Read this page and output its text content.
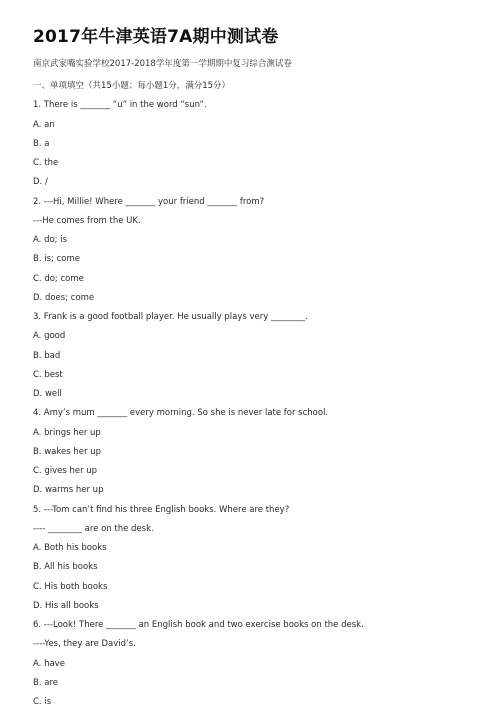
2017年牛津英语7A期中测试卷
南京武家嘴实验学校2017-2018学年度第一学期期中复习综合测试卷
一、单项填空（共15小题；每小题1分，满分15分）
1. There is _______ “u” in the word “sun”.
A. an
B. a
C. the
D. /
2. ---Hi, Millie! Where _______ your friend _______ from?
---He comes from the UK.
A. do; is
B. is; come
C. do; come
D. does; come
3. Frank is a good football player. He usually plays very ________.
A. good
B. bad
C. best
D. well
4. Amy’s mum _______ every morning. So she is never late for school.
A. brings her up
B. wakes her up
C. gives her up
D. warms her up
5. ---Tom can’t find his three English books. Where are they?
---- ________ are on the desk.
A. Both his books
B. All his books
C. His both books
D. His all books
6. ---Look! There _______ an English book and two exercise books on the desk.
----Yes, they are David’s.
A. have
B. are
C. is
